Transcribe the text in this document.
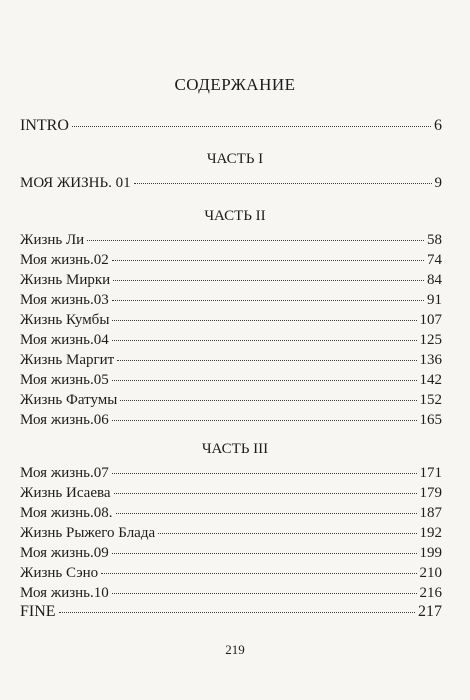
СОДЕРЖАНИЕ
INTRO	6
ЧАСТЬ I
МОЯ ЖИЗНЬ. 01	9
ЧАСТЬ II
Жизнь Ли	58
Моя жизнь.02	74
Жизнь Мирки	84
Моя жизнь.03	91
Жизнь Кумбы	107
Моя жизнь.04	125
Жизнь Маргит	136
Моя жизнь.05	142
Жизнь Фатумы	152
Моя жизнь.06	165
ЧАСТЬ III
Моя жизнь.07	171
Жизнь Исаева	179
Моя жизнь.08.	187
Жизнь Рыжего Блада	192
Моя жизнь.09	199
Жизнь Сэно	210
Моя жизнь.10	216
FINE	217
219
